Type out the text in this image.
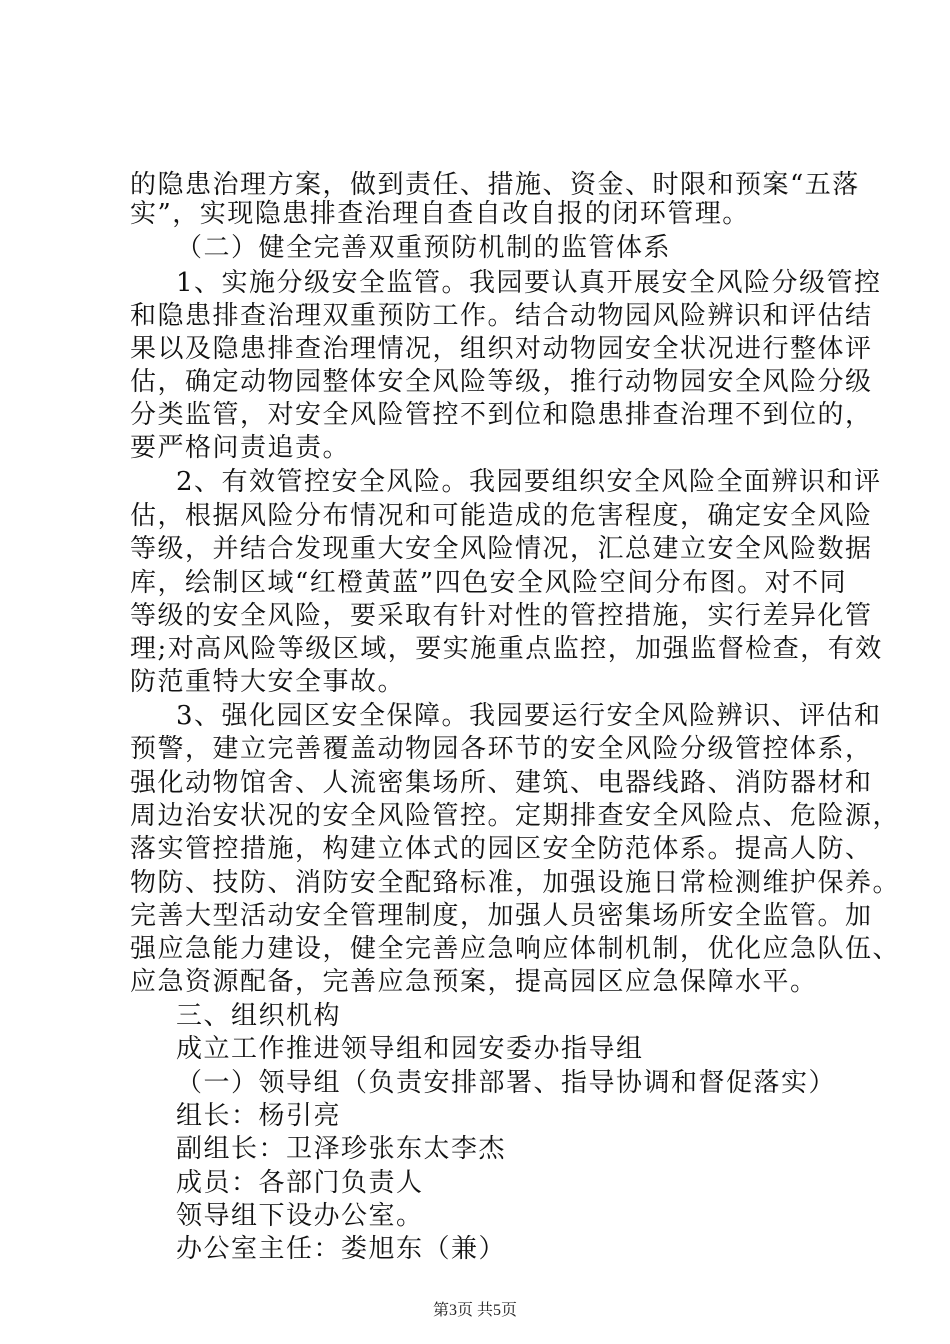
的隐患治理方案，做到责任、措施、资金、时限和预案“五落
实”，实现隐患排查治理自查自改自报的闭环管理。
（二）健全完善双重预防机制的监管体系
1、实施分级安全监管。我园要认真开展安全风险分级管控
和隐患排查治理双重预防工作。结合动物园风险辨识和评估结
果以及隐患排查治理情况，组织对动物园安全状况进行整体评
估，确定动物园整体安全风险等级，推行动物园安全风险分级
分类监管，对安全风险管控不到位和隐患排查治理不到位的，
要严格问责追责。
2、有效管控安全风险。我园要组织安全风险全面辨识和评
估，根据风险分布情况和可能造成的危害程度，确定安全风险
等级，并结合发现重大安全风险情况，汇总建立安全风险数据
库，绘制区域“红橙黄蓝”四色安全风险空间分布图。对不同
等级的安全风险，要采取有针对性的管控措施，实行差异化管
理;对高风险等级区域，要实施重点监控，加强监督检查，有效
防范重特大安全事故。
3、强化园区安全保障。我园要运行安全风险辨识、评估和
预警，建立完善覆盖动物园各环节的安全风险分级管控体系，
强化动物馆舍、人流密集场所、建筑、电器线路、消防器材和
周边治安状况的安全风险管控。定期排查安全风险点、危险源，
落实管控措施，构建立体式的园区安全防范体系。提高人防、
物防、技防、消防安全配臵标准，加强设施日常检测维护保养。
完善大型活动安全管理制度，加强人员密集场所安全监管。加
强应急能力建设，健全完善应急响应体制机制，优化应急队伍、
应急资源配备，完善应急预案，提高园区应急保障水平。
三、组织机构
成立工作推进领导组和园安委办指导组
（一）领导组（负责安排部署、指导协调和督促落实）
组长：杨引亮
副组长：卫泽珍张东太李杰
成员：各部门负责人
领导组下设办公室。
办公室主任：娄旭东（兼）
第3页 共5页
